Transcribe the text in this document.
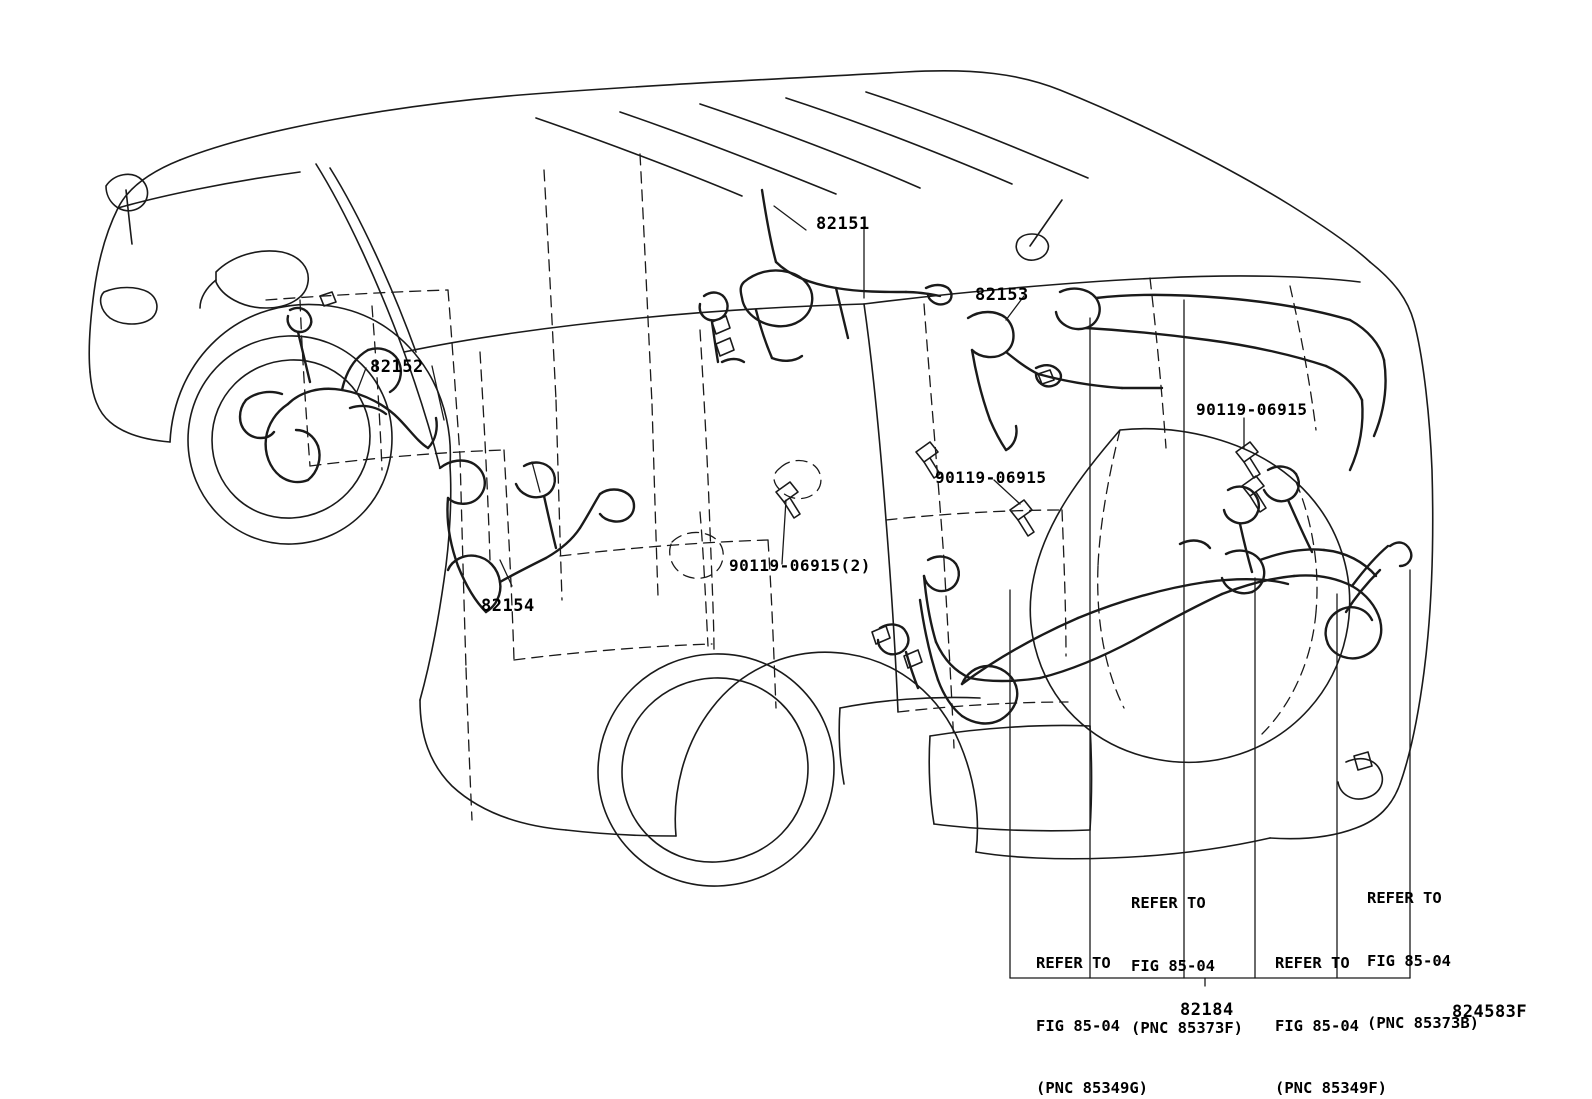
82151
82152
82153
82154
90119-06915
90119-06915
90119-06915(2)

REFER TO

FIG 85-04

(PNC 85373F)

REFER TO

FIG 85-04

(PNC 85373B)

REFER TO

FIG 85-04

(PNC 85349G)

REFER TO

FIG 85-04

(PNC 85349F)

82184	824583F
